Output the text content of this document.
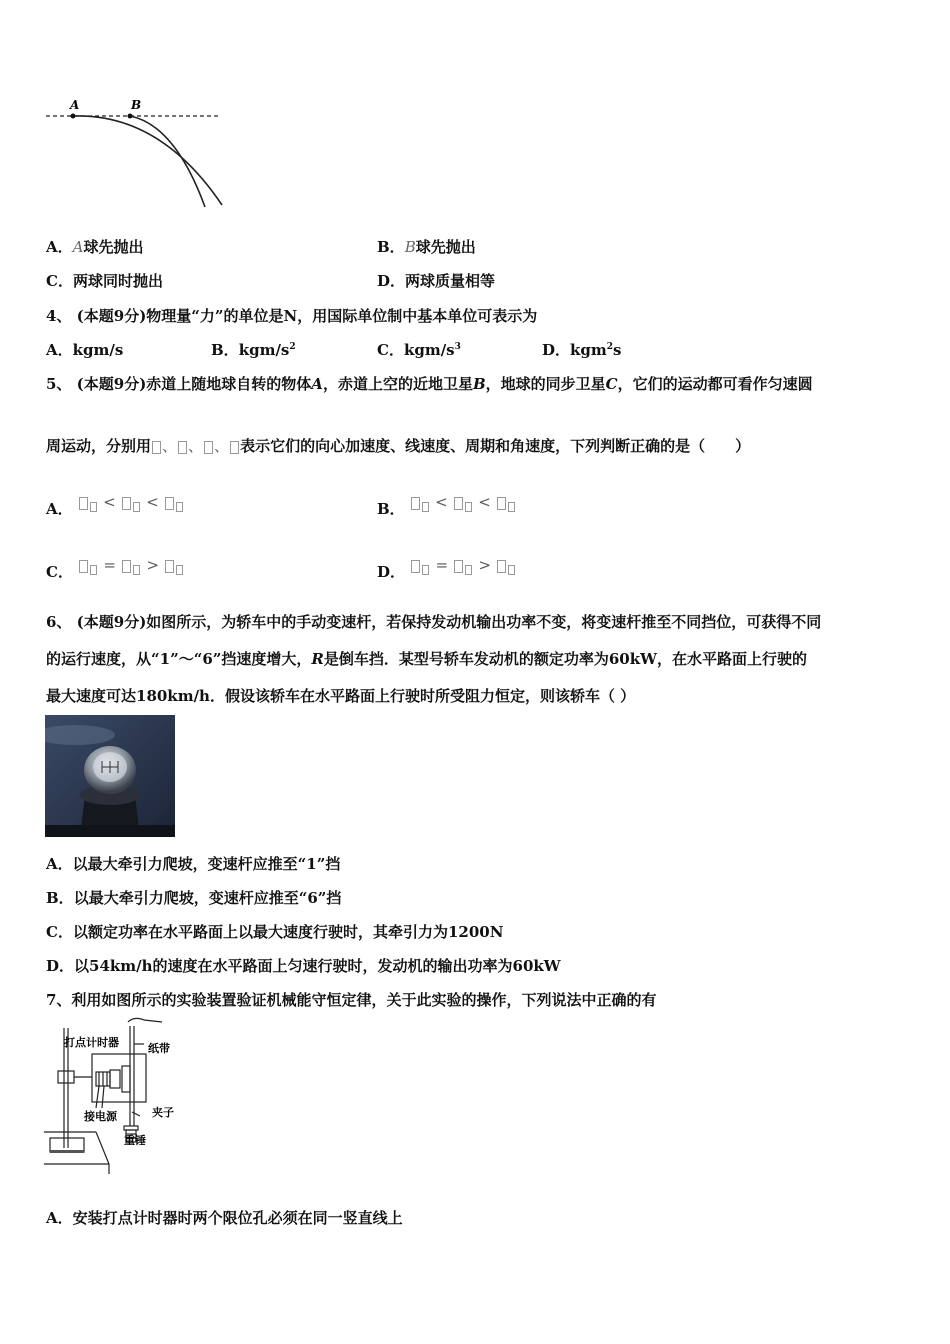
A	B
A．A球先抛出	B．B球先抛出
C．两球同时抛出	D．两球质量相等
4、 (本题9分)物理量“力”的单位是N，用国际单位制中基本单位可表示为
A．kgm/s	B．kgm/$s^2$	C．kgm/$s^3$	D．kgm$^2$s
5、 (本题9分)赤道上随地球自转的物体A，赤道上空的近地卫星B，地球的同步卫星C，它们的运动都可看作匀速圆
周运动，分别用 、 、 、 表示它们的向心加速度、线速度、周期和角速度，下列判断正确的是（　　）
A． < <	B． < <
C． = >	D． = >
6、 (本题9分)如图所示，为轿车中的手动变速杆，若保持发动机输出功率不变，将变速杆推至不同挡位，可获得不同
的运行速度，从“1”～“6”挡速度增大，R是倒车挡．某型号轿车发动机的额定功率为60kW，在水平路面上行驶的
最大速度可达180km/h．假设该轿车在水平路面上行驶时所受阻力恒定，则该轿车（ ）
A．以最大牵引力爬坡，变速杆应推至“1”挡
B．以最大牵引力爬坡，变速杆应推至“6”挡
C．以额定功率在水平路面上以最大速度行驶时，其牵引力为1200N
D．以54km/h的速度在水平路面上匀速行驶时，发动机的输出功率为60kW
7、利用如图所示的实验装置验证机械能守恒定律，关于此实验的操作，下列说法中正确的有
打点计时器	纸带
接电源	夹子
重锤
A．安装打点计时器时两个限位孔必须在同一竖直线上
